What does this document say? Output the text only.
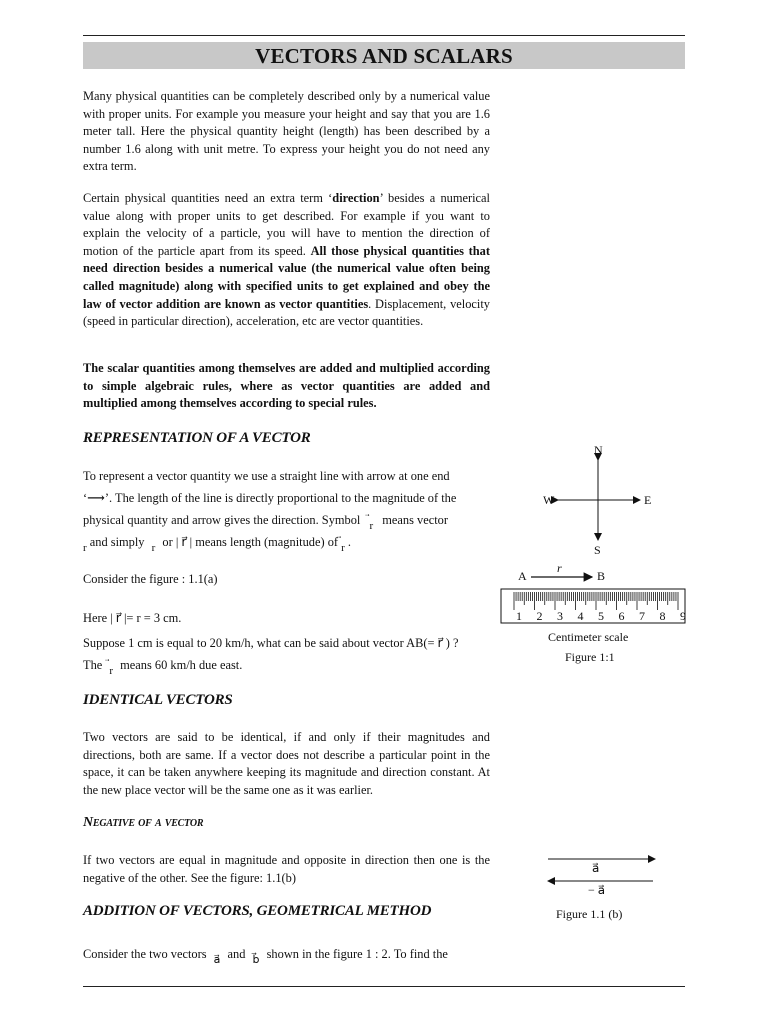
VECTORS AND SCALARS
Many physical quantities can be completely described only by a numerical value with proper units. For example you measure your height and say that you are 1.6 meter tall. Here the physical quantity height (length) has been described by a number 1.6 along with unit metre. To express your height you do not need any extra term.
Certain physical quantities need an extra term ‘direction’ besides a numerical value along with proper units to get described. For example if you want to explain the velocity of a particle, you will have to mention the direction of motion of the particle apart from its speed. All those physical quantities that need direction besides a numerical value (the numerical value often being called magnitude) along with specified units to get explained and obey the law of vector addition are known as vector quantities. Displacement, velocity (speed in particular direction), acceleration, etc are vector quantities.
The scalar quantities among themselves are added and multiplied according to simple algebraic rules, where as vector quantities are added and multiplied among themselves according to special rules.
REPRESENTATION OF A VECTOR
To represent a vector quantity we use a straight line with arrow at one end
‘⟶’. The length of the line is directly proportional to the magnitude of the
physical quantity and arrow gives the direction. Symbol r means vector
r and simply r or | r⃗ | means length (magnitude) of r
.
Consider the figure : 1.1(a)
Here | r⃗ |= r = 3 cm.
Suppose 1 cm is equal to 20 km/h, what can be said about vector AB(= r⃗ ) ?
The r means 60 km/h due east.
IDENTICAL VECTORS
Two vectors are said to be identical, if and only if their magnitudes and directions, both are same. If a vector does not describe a particular point in the space, it can be taken anywhere keeping its magnitude and direction constant. At the new place vector will be the same one as it was earlier.
Negative of a vector
If two vectors are equal in magnitude and opposite in direction then one is the negative of the other. See the figure: 1.1(b)
ADDITION OF VECTORS, GEOMETRICAL METHOD
Consider the two vectors a⃗ and b⃗ shown in the figure 1 : 2. To find the
N
S
E
W
A	B
r
1 2 3 4 5 6 7 8 9
Centimeter scale
Figure 1:1
a⃗
− a⃗
Figure 1.1 (b)
